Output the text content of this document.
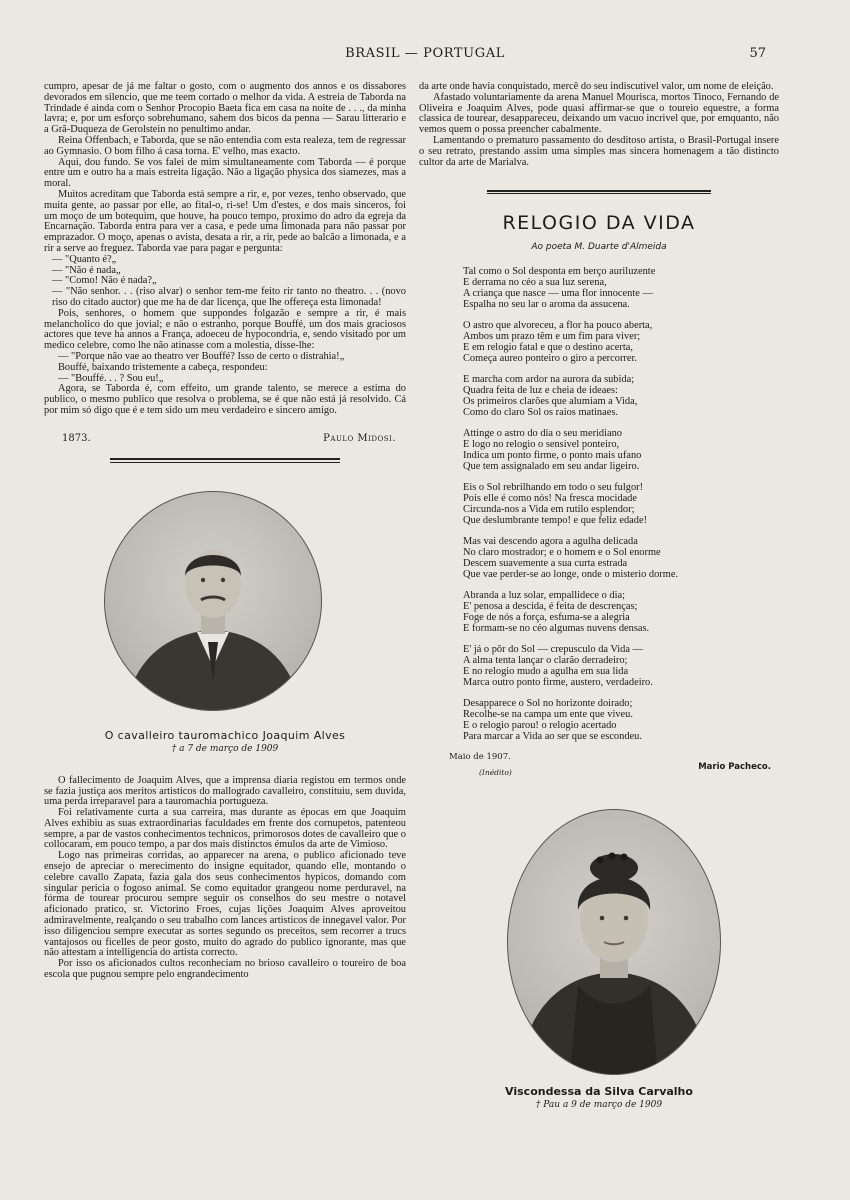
BRASIL — PORTUGAL	57

cumpro, apesar de já me faltar o gosto, com o augmento dos annos e os dissabores devorados em silencio, que me teem cortado o melhor da vida. A estreia de Taborda na Trindade é ainda com o Senhor Procopio Baeta fica em casa na noite de . . ., da minha lavra; e, por um esforço sobrehumano, sahem dos bicos da penna — Sarau litterario e a Grã-Duqueza de Gerolstein no penultimo andar.

Reina Offenbach, e Taborda, que se não entendia com esta realeza, tem de regressar ao Gymnasio. O bom filho á casa torna. E' velho, mas exacto.

Aqui, dou fundo. Se vos falei de mim simultaneamente com Taborda — é porque entre um e outro ha a mais estreita ligação. Não a ligação physica dos siamezes, mas a moral.

Muitos acreditam que Taborda está sempre a rir, e, por vezes, tenho observado, que muita gente, ao passar por elle, ao fital-o, ri-se! Um d'estes, e dos mais sinceros, foi um moço de um botequim, que houve, ha pouco tempo, proximo do adro da egreja da Encarnação. Taborda entra para ver a casa, e pede uma limonada para não passar por emprazador. O moço, apenas o avista, desata a rir, a rir, pede ao balcão a limonada, e a rir a serve ao freguez. Taborda vae para pagar e pergunta:

— "Quanto é?„

— "Não é nada„

— "Como! Não é nada?„

— "Não senhor. . . (riso alvar) o senhor tem-me feito rir tanto no theatro. . . (novo riso do citado auctor) que me ha de dar licença, que lhe offereça esta limonada!

Pois, senhores, o homem que suppondes folgazão e sempre a rir, é mais melancholico do que jovial; e não o estranho, porque Bouffé, um dos mais graciosos actores que teve ha annos a França, adoeceu de hypocondria, e, sendo visitado por um medico celebre, como lhe não atinasse com a molestia, disse-lhe:

— "Porque não vae ao theatro ver Bouffé? Isso de certo o distrahia!„

Bouffé, baixando tristemente a cabeça, respondeu:

— "Bouffé. . . ? Sou eu!„

Agora, se Taborda é, com effeito, um grande talento, se merece a estima do publico, o mesmo publico que resolva o problema, se é que não está já resolvido. Cá por mim só digo que é e tem sido um meu verdadeiro e sincero amigo.

1873.	Paulo Midosi.
O cavalleiro tauromachico Joaquim Alves
† a 7 de março de 1909

O fallecimento de Joaquim Alves, que a imprensa diaria registou em termos onde se fazia justiça aos meritos artisticos do mallogrado cavalleiro, constituiu, sem duvida, uma perda irreparavel para a tauromachia portugueza.

Foi relativamente curta a sua carreira, mas durante as épocas em que Joaquim Alves exhibiu as suas extraordinarias faculdades em frente dos cornupetos, patenteou sempre, a par de vastos conhecimentos technicos, primorosos dotes de cavalleiro que o collocaram, em pouco tempo, a par dos mais distinctos émulos da arte de Vimioso.

Logo nas primeiras corridas, ao apparecer na arena, o publico aficionado teve ensejo de apreciar o merecimento do insigne equitador, quando elle, montando o celebre cavallo Zapata, fazia gala dos seus conhecimentos hypicos, domando com singular pericia o fogoso animal. Se como equitador grangeou nome perduravel, na fórma de tourear procurou sempre seguir os conselhos do seu mestre o notavel aficionado pratico, sr. Victorino Froes, cujas lições Joaquim Alves aproveitou admiravelmente, realçando o seu trabalho com lances artisticos de innegavel valor. Por isso diligenciou sempre executar as sortes segundo os preceitos, sem recorrer a trucs vantajosos ou ficelles de peor gosto, muito do agrado do publico ignorante, mas que não attestam a intelligencia do artista correcto.

Por isso os aficionados cultos reconheciam no brioso cavalleiro o toureiro de boa escola que pugnou sempre pelo engrandecimento

da arte onde havia conquistado, mercê do seu indiscutivel valor, um nome de eleição.

Afastado voluntariamente da arena Manuel Mourisca, mortos Tinoco, Fernando de Oliveira e Joaquim Alves, pode quasi affirmar-se que o toureio equestre, a forma classica de tourear, desappareceu, deixando um vacuo incrivel que, por emquanto, não vemos quem o possa preencher cabalmente.

Lamentando o prematuro passamento do desditoso artista, o Brasil-Portugal insere o seu retrato, prestando assim uma simples mas sincera homenagem a tão distincto cultor da arte de Marialva.

RELOGIO DA VIDA
Ao poeta M. Duarte d'Almeida
Tal como o Sol desponta em berço auriluzente
E derrama no céo a sua luz serena,
A criança que nasce — uma flor innocente —
Espalha no seu lar o aroma da assucena.
O astro que alvoreceu, a flor ha pouco aberta,
Ambos um prazo têm e um fim para viver;
E em relogio fatal e que o destino acerta,
Começa aureo ponteiro o giro a percorrer.
E marcha com ardor na aurora da subida;
Quadra feita de luz e cheia de ideaes:
Os primeiros clarões que alumiam a Vida,
Como do claro Sol os raios matinaes.
Attinge o astro do dia o seu meridiano
E logo no relogio o sensivel ponteiro,
Indica um ponto firme, o ponto mais ufano
Que tem assignalado em seu andar ligeiro.
Eis o Sol rebrilhando em todo o seu fulgor!
Pois elle é como nós! Na fresca mocidade
Circunda-nos a Vida em rutilo esplendor;
Que deslumbrante tempo! e que feliz edade!
Mas vai descendo agora a agulha delicada
No claro mostrador; e o homem e o Sol enorme
Descem suavemente a sua curta estrada
Que vae perder-se ao longe, onde o misterio dorme.
Abranda a luz solar, empallidece o dia;
E' penosa a descida, é feita de descrenças;
Foge de nós a força, esfuma-se a alegria
E formam-se no céo algumas nuvens densas.
E' já o pôr do Sol — crepusculo da Vida —
A alma tenta lançar o clarão derradeiro;
E no relogio mudo a agulha em sua lida
Marca outro ponto firme, austero, verdadeiro.
Desapparece o Sol no horizonte doirado;
Recolhe-se na campa um ente que viveu.
E o relogio parou! o relogio acertado
Para marcar a Vida ao ser que se escondeu.
Maio de 1907.
(Inédito)
Mario Pacheco.
Viscondessa da Silva Carvalho
† Pau a 9 de março de 1909
